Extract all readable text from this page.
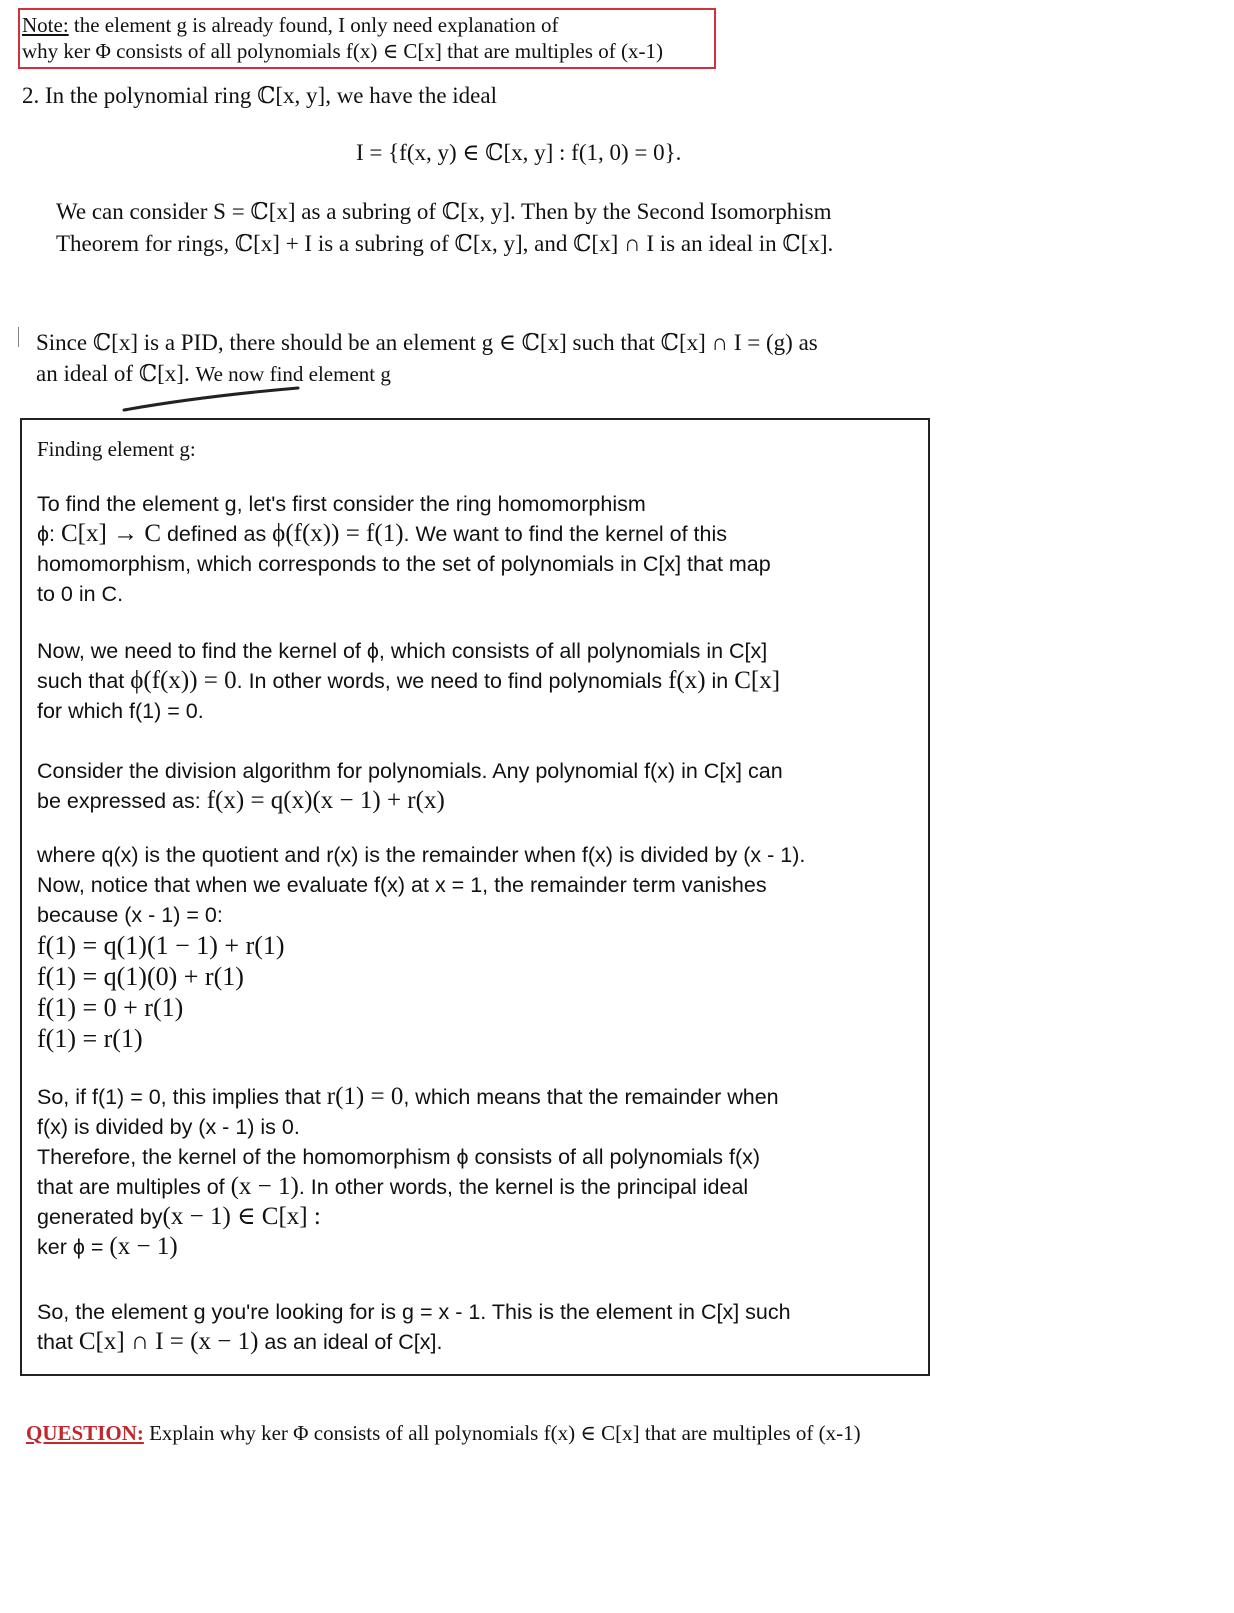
Note: the element g is already found, I only need explanation of
why ker Φ consists of all polynomials f(x) ∈ C[x] that are multiples of (x-1)
2. In the polynomial ring ℂ[x, y], we have the ideal
I = {f(x, y) ∈ ℂ[x, y] : f(1, 0) = 0}.
We can consider S = ℂ[x] as a subring of ℂ[x, y]. Then by the Second Isomorphism
Theorem for rings, ℂ[x] + I is a subring of ℂ[x, y], and ℂ[x] ∩ I is an ideal in ℂ[x].
Since ℂ[x] is a PID, there should be an element g ∈ ℂ[x] such that ℂ[x] ∩ I = (g) as
an ideal of ℂ[x]. We now find element g
Finding element g:
To find the element g, let's first consider the ring homomorphism
ϕ: C[x] → C defined as ϕ(f(x)) = f(1). We want to find the kernel of this
homomorphism, which corresponds to the set of polynomials in C[x] that map
to 0 in C.
Now, we need to find the kernel of ϕ, which consists of all polynomials in C[x]
such that ϕ(f(x)) = 0. In other words, we need to find polynomials f(x) in C[x]
for which f(1) = 0.
Consider the division algorithm for polynomials. Any polynomial f(x) in C[x] can
be expressed as: f(x) = q(x)(x − 1) + r(x)
where q(x) is the quotient and r(x) is the remainder when f(x) is divided by (x - 1).
Now, notice that when we evaluate f(x) at x = 1, the remainder term vanishes
because (x - 1) = 0:
f(1) = q(1)(1 − 1) + r(1)
f(1) = q(1)(0) + r(1)
f(1) = 0 + r(1)
f(1) = r(1)
So, if f(1) = 0, this implies that r(1) = 0, which means that the remainder when
f(x) is divided by (x - 1) is 0.
Therefore, the kernel of the homomorphism ϕ consists of all polynomials f(x)
that are multiples of (x − 1). In other words, the kernel is the principal ideal
generated by(x − 1) ∈ C[x] :
ker ϕ = (x − 1)
So, the element g you're looking for is g = x - 1. This is the element in C[x] such
that C[x] ∩ I = (x − 1) as an ideal of C[x].
QUESTION: Explain why ker Φ consists of all polynomials f(x) ∈ C[x] that are multiples of (x-1)
